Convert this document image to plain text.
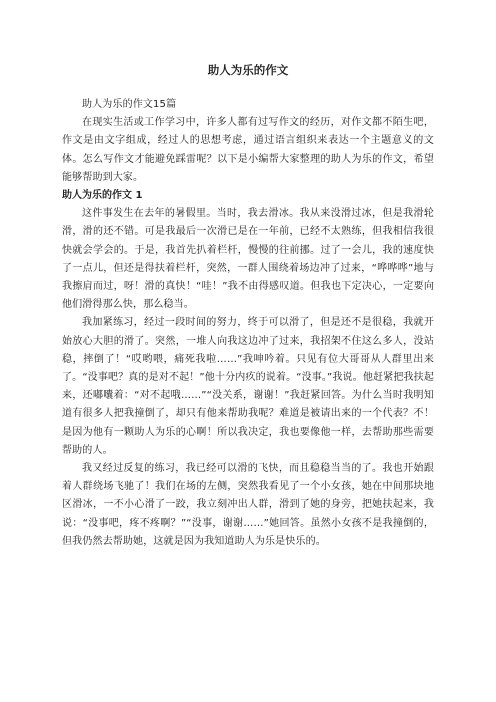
助人为乐的作文

助人为乐的作文15篇

在现实生活或工作学习中，许多人都有过写作文的经历，对作文都不陌生吧，作文是由文字组成，经过人的思想考虑，通过语言组织来表达一个主题意义的文体。怎么写作文才能避免踩雷呢？以下是小编帮大家整理的助人为乐的作文，希望能够帮助到大家。

助人为乐的作文 1

这件事发生在去年的暑假里。当时，我去滑冰。我从来没滑过冰，但是我滑轮滑，滑的还不错。可是我最后一次滑已是在一年前，已经不太熟练，但我相信我很快就会学会的。于是，我首先扒着栏杆，慢慢的往前挪。过了一会儿，我的速度快了一点儿，但还是得扶着栏杆，突然，一群人围绕着场边冲了过来，“哗哗哗”地与我擦肩而过，呀！滑的真快！“哇！”我不由得感叹道。但我也下定决心，一定要向他们滑得那么快，那么稳当。

我加紧练习，经过一段时间的努力，终于可以滑了，但是还不是很稳，我就开始放心大胆的滑了。突然，一堆人向我这边冲了过来，我招架不住这么多人，没站稳，摔倒了！“哎哟喂，痛死我啦……”我呻吟着。只见有位大哥哥从人群里出来了。“没事吧？真的是对不起！”他十分内疚的说着。“没事。”我说。他赶紧把我扶起来，还嘟囔着：“对不起哦……”“没关系，谢谢！”我赶紧回答。为什么当时我明知道有很多人把我撞倒了，却只有他来帮助我呢？难道是被请出来的一个代表？不！是因为他有一颗助人为乐的心啊！所以我决定，我也要像他一样，去帮助那些需要帮助的人。

我又经过反复的练习，我已经可以滑的飞快，而且稳稳当当的了。我也开始跟着人群绕场飞驰了！我们在场的左侧，突然我看见了一个小女孩，她在中间那块地区滑冰，一不小心滑了一跤，我立刻冲出人群，滑到了她的身旁，把她扶起来，我说：“没事吧，疼不疼啊？”“没事，谢谢……”她回答。虽然小女孩不是我撞倒的，但我仍然去帮助她，这就是因为我知道助人为乐是快乐的。
